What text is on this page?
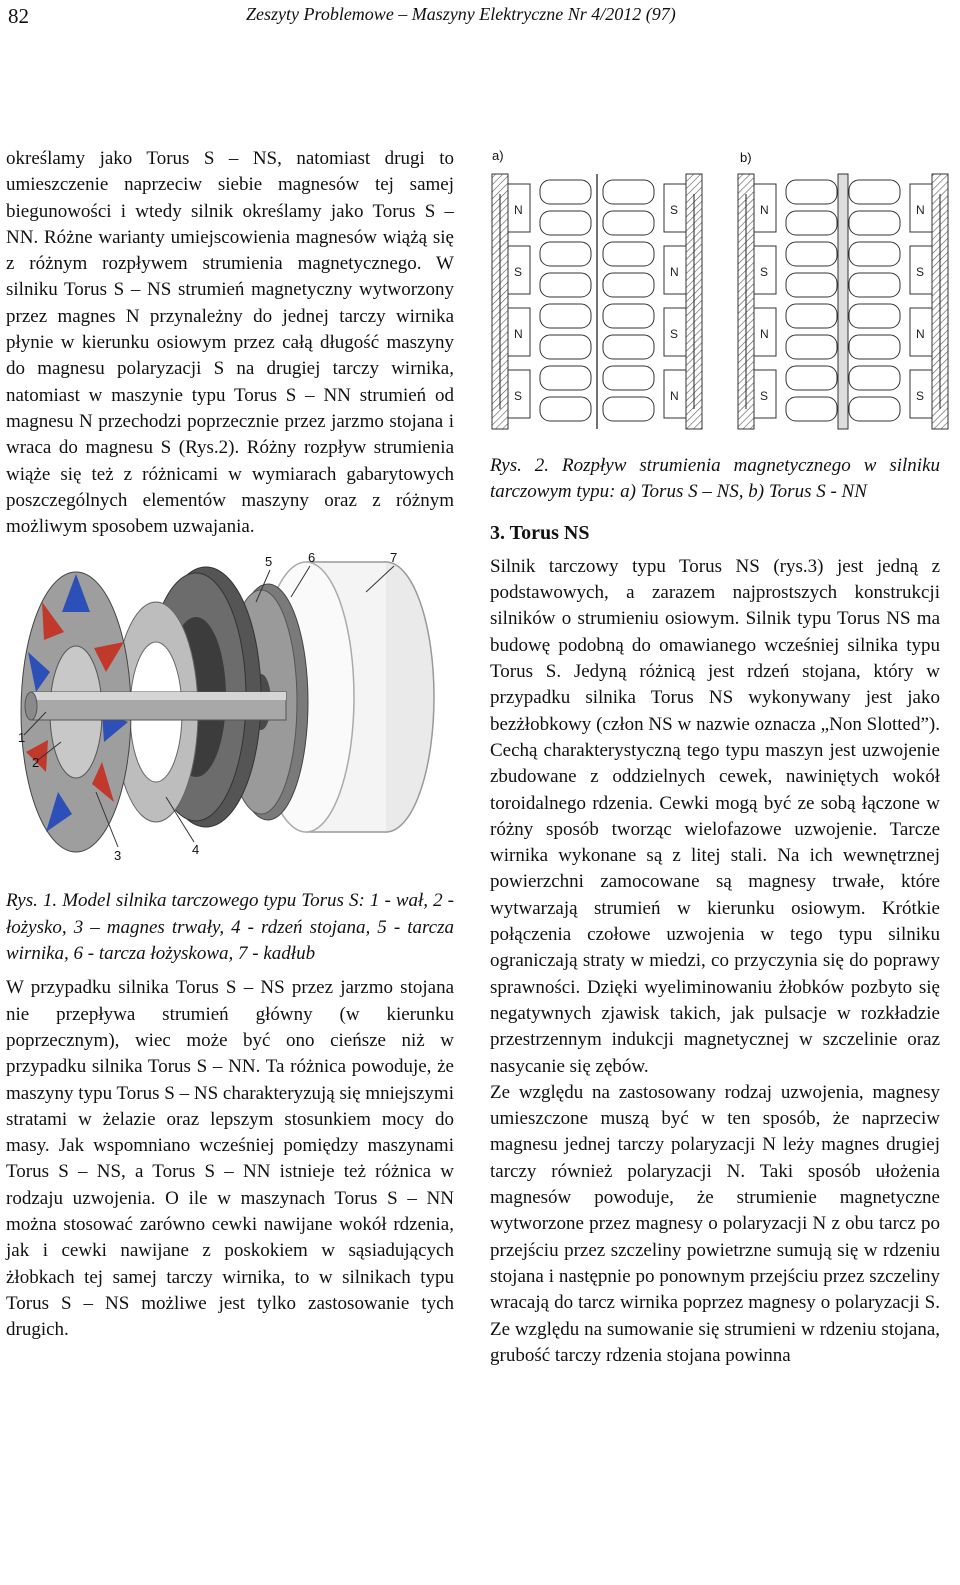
82	Zeszyty Problemowe – Maszyny Elektryczne Nr 4/2012 (97)

określamy jako Torus S – NS, natomiast drugi to umieszczenie naprzeciw siebie magnesów tej samej biegunowości i wtedy silnik określamy jako Torus S – NN. Różne warianty umiejscowienia magnesów wiążą się z różnym rozpływem strumienia magnetycznego. W silniku Torus S – NS strumień magnetyczny wytworzony przez magnes N przynależny do jednej tarczy wirnika płynie w kierunku osiowym przez całą długość maszyny do magnesu polaryzacji S na drugiej tarczy wirnika, natomiast w maszynie typu Torus S – NN strumień od magnesu N przechodzi poprzecznie przez jarzmo stojana i wraca do magnesu S (Rys.2). Różny rozpływ strumienia wiąże się też z różnicami w wymiarach gabarytowych poszczególnych elementów maszyny oraz z różnym możliwym sposobem uzwajania.

1
2
3	4
5	6	7

Rys. 1. Model silnika tarczowego typu Torus S: 1 - wał, 2 - łożysko, 3 – magnes trwały, 4 - rdzeń stojana, 5 - tarcza wirnika, 6 - tarcza łożyskowa, 7 - kadłub

W przypadku silnika Torus S – NS przez jarzmo stojana nie przepływa strumień główny (w kierunku poprzecznym), wiec może być ono cieńsze niż w przypadku silnika Torus S – NN. Ta różnica powoduje, że maszyny typu Torus S – NS charakteryzują się mniejszymi stratami w żelazie oraz lepszym stosunkiem mocy do masy. Jak wspomniano wcześniej pomiędzy maszynami Torus S – NS, a Torus S – NN istnieje też różnica w rodzaju uzwojenia. O ile w maszynach Torus S – NN można stosować zarówno cewki nawijane wokół rdzenia, jak i cewki nawijane z poskokiem w sąsiadujących żłobkach tej samej tarczy wirnika, to w silnikach typu Torus S – NS możliwe jest tylko zastosowanie tych drugich.

a)	b)
N	S
S	N
N	S
S	N
N	N
S	S
N	N
S	S

Rys. 2. Rozpływ strumienia magnetycznego w silniku tarczowym typu: a) Torus S – NS, b) Torus S - NN

3. Torus NS

Silnik tarczowy typu Torus NS (rys.3) jest jedną z podstawowych, a zarazem najprostszych konstrukcji silników o strumieniu osiowym. Silnik typu Torus NS ma budowę podobną do omawianego wcześniej silnika typu Torus S. Jedyną różnicą jest rdzeń stojana, który w przypadku silnika Torus NS wykonywany jest jako bezżłobkowy (człon NS w nazwie oznacza „Non Slotted”). Cechą charakterystyczną tego typu maszyn jest uzwojenie zbudowane z oddzielnych cewek, nawiniętych wokół toroidalnego rdzenia. Cewki mogą być ze sobą łączone w różny sposób tworząc wielofazowe uzwojenie. Tarcze wirnika wykonane są z litej stali. Na ich wewnętrznej powierzchni zamocowane są magnesy trwałe, które wytwarzają strumień w kierunku osiowym. Krótkie połączenia czołowe uzwojenia w tego typu silniku ograniczają straty w miedzi, co przyczynia się do poprawy sprawności. Dzięki wyeliminowaniu żłobków pozbyto się negatywnych zjawisk takich, jak pulsacje w rozkładzie przestrzennym indukcji magnetycznej w szczelinie oraz nasycanie się zębów.

Ze względu na zastosowany rodzaj uzwojenia, magnesy umieszczone muszą być w ten sposób, że naprzeciw magnesu jednej tarczy polaryzacji N leży magnes drugiej tarczy również polaryzacji N. Taki sposób ułożenia magnesów powoduje, że strumienie magnetyczne wytworzone przez magnesy o polaryzacji N z obu tarcz po przejściu przez szczeliny powietrzne sumują się w rdzeniu stojana i następnie po ponownym przejściu przez szczeliny wracają do tarcz wirnika poprzez magnesy o polaryzacji S. Ze względu na sumowanie się strumieni w rdzeniu stojana, grubość tarczy rdzenia stojana powinna
